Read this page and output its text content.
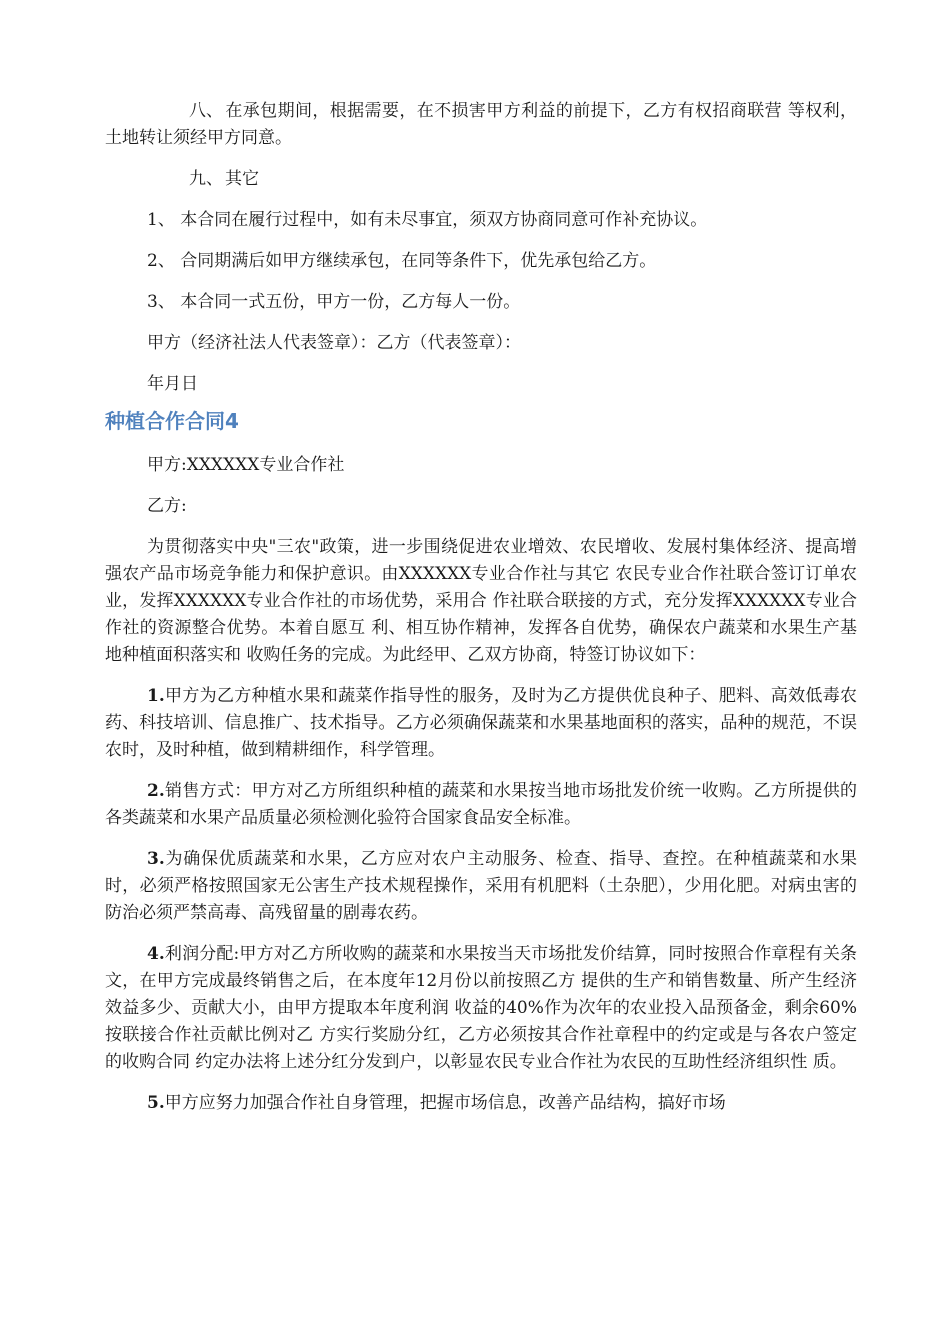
八、 在承包期间，根据需要，在不损害甲方利益的前提下，乙方有权招商联营 等权利，土地转让须经甲方同意。

九、 其它

1、 本合同在履行过程中，如有未尽事宜，须双方协商同意可作补充协议。

2、 合同期满后如甲方继续承包，在同等条件下，优先承包给乙方。

3、 本合同一式五份，甲方一份，乙方每人一份。

甲方（经济社法人代表签章）：乙方（代表签章）：

年月日

种植合作合同4

甲方:XXXXXX专业合作社

乙方:

为贯彻落实中央"三农"政策，进一步围绕促进农业增效、农民增收、发展村集体经济、提高增强农产品市场竞争能力和保护意识。由XXXXXX专业合作社与其它 农民专业合作社联合签订订单农业，发挥XXXXXX专业合作社的市场优势，采用合 作社联合联接的方式，充分发挥XXXXXX专业合作社的资源整合优势。本着自愿互 利、相互协作精神，发挥各自优势，确保农户蔬菜和水果生产基地种植面积落实和 收购任务的完成。为此经甲、乙双方协商，特签订协议如下：

1.甲方为乙方种植水果和蔬菜作指导性的服务，及时为乙方提供优良种子、肥料、高效低毒农药、科技培训、信息推广、技术指导。乙方必须确保蔬菜和水果基地面积的落实，品种的规范，不误农时，及时种植，做到精耕细作，科学管理。

2.销售方式：甲方对乙方所组织种植的蔬菜和水果按当地市场批发价统一收购。乙方所提供的各类蔬菜和水果产品质量必须检测化验符合国家食品安全标准。

3.为确保优质蔬菜和水果，乙方应对农户主动服务、检查、指导、查控。在种植蔬菜和水果时，必须严格按照国家无公害生产技术规程操作，采用有机肥料（土杂肥），少用化肥。对病虫害的防治必须严禁高毒、高残留量的剧毒农药。

4.利润分配:甲方对乙方所收购的蔬菜和水果按当天市场批发价结算，同时按照合作章程有关条文，在甲方完成最终销售之后，在本度年12月份以前按照乙方 提供的生产和销售数量、所产生经济效益多少、贡献大小，由甲方提取本年度利润 收益的40%作为次年的农业投入品预备金，剩余60%按联接合作社贡献比例对乙 方实行奖励分红，乙方必须按其合作社章程中的约定或是与各农户签定的收购合同 约定办法将上述分红分发到户，以彰显农民专业合作社为农民的互助性经济组织性 质。

5.甲方应努力加强合作社自身管理，把握市场信息，改善产品结构，搞好市场
